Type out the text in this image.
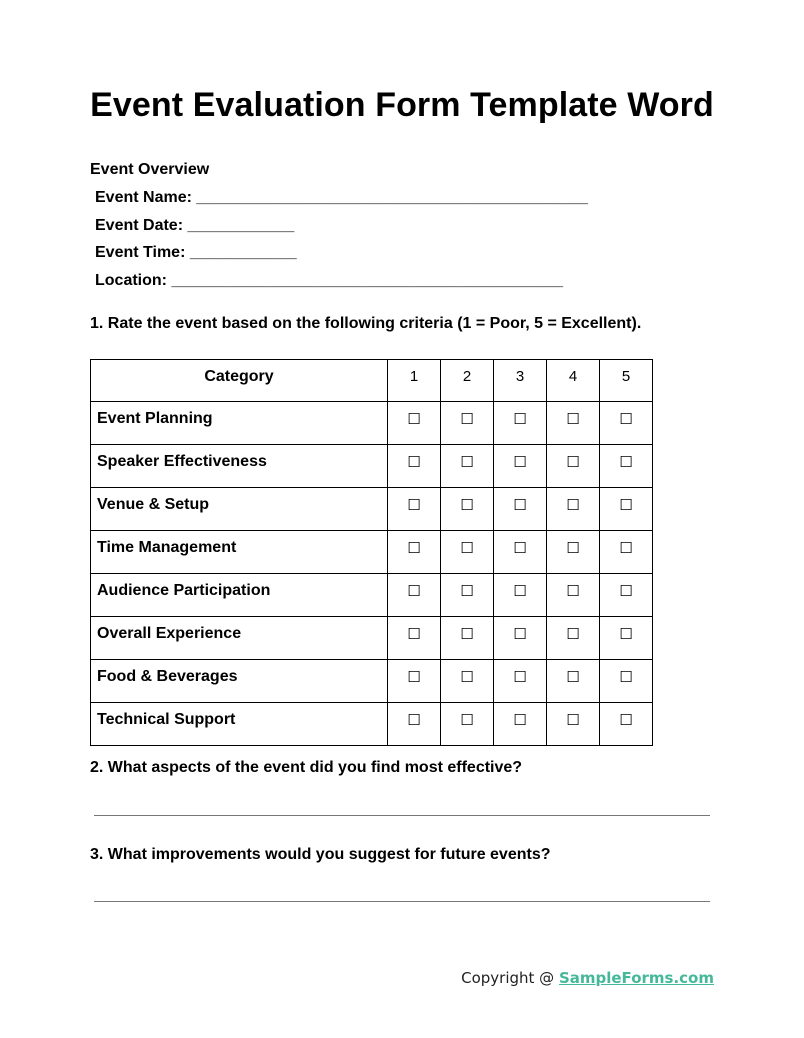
Event Evaluation Form Template Word
Event Overview
Event Name: ____________________________________________
Event Date: ____________
Event Time: ____________
Location: ____________________________________________
1. Rate the event based on the following criteria (1 = Poor, 5 = Excellent).
Category	1	2	3	4	5

Event Planning	☐	☐	☐	☐	☐

Speaker Effectiveness	☐	☐	☐	☐	☐

Venue & Setup	☐	☐	☐	☐	☐

Time Management	☐	☐	☐	☐	☐

Audience Participation	☐	☐	☐	☐	☐

Overall Experience	☐	☐	☐	☐	☐

Food & Beverages	☐	☐	☐	☐	☐

Technical Support	☐	☐	☐	☐	☐
2. What aspects of the event did you find most effective?
3. What improvements would you suggest for future events?
Copyright @ SampleForms.com
